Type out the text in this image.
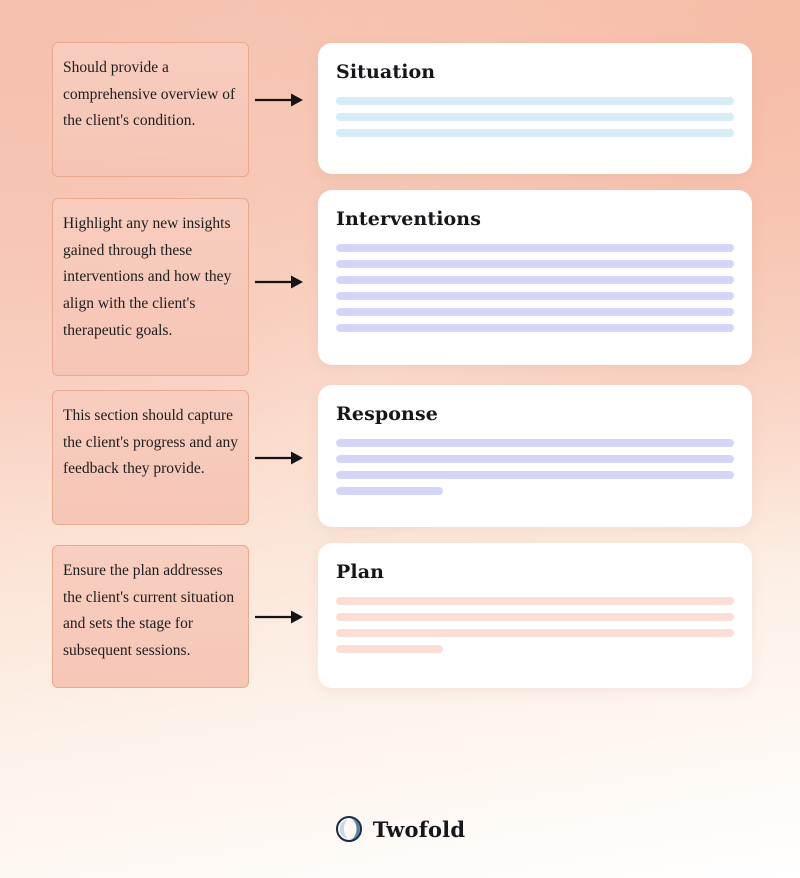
Should provide a comprehensive overview of the client's condition.
Situation
Highlight any new insights gained through these interventions and how they align with the client's therapeutic goals.
Interventions
This section should capture the client's progress and any feedback they provide.
Response
Ensure the plan addresses the client's current situation and sets the stage for subsequent sessions.
Plan
Twofold
